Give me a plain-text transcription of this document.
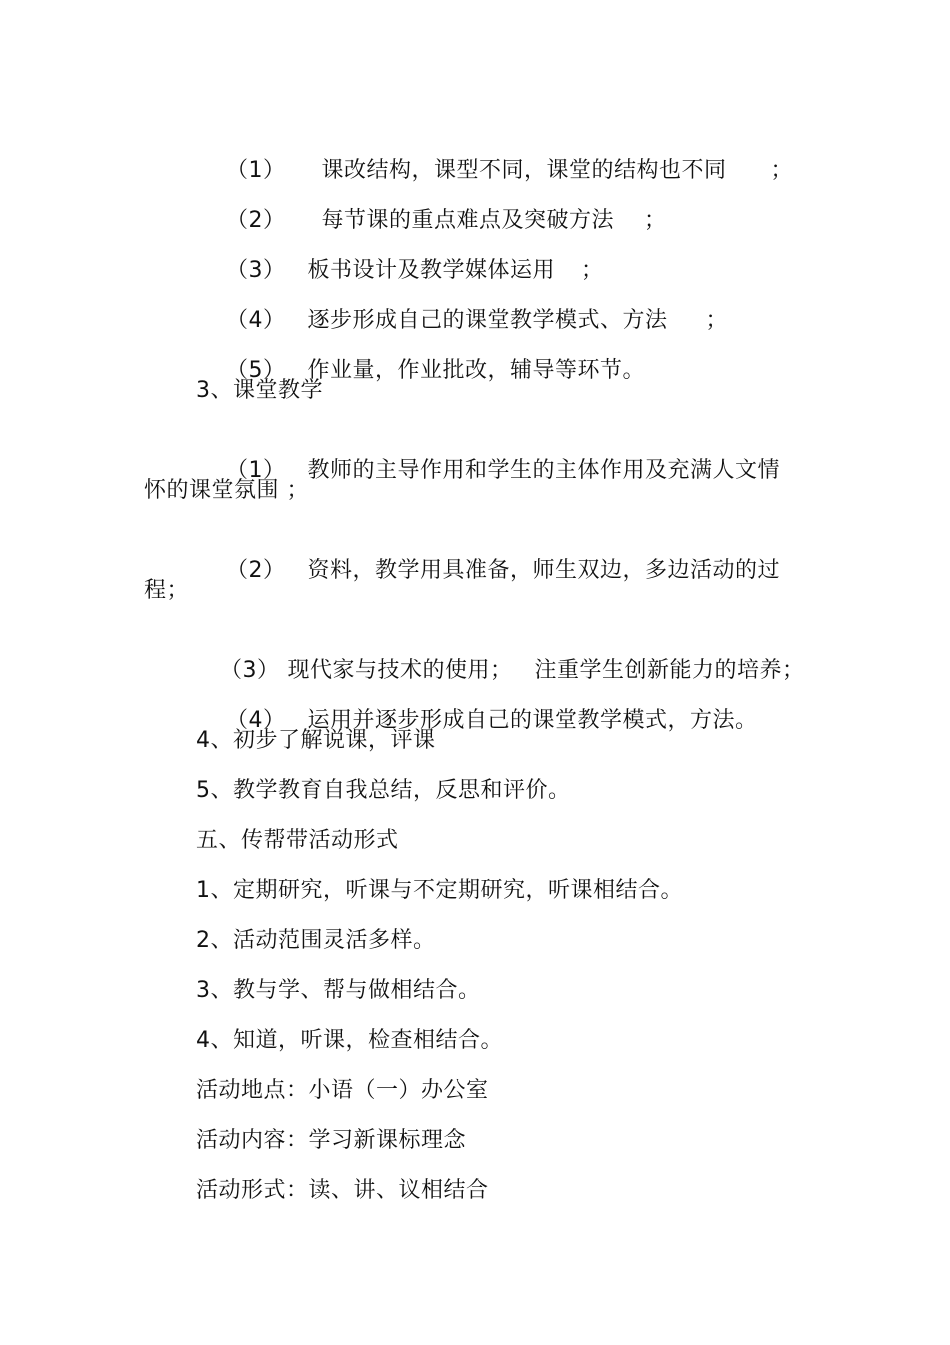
（1） 课改结构，课型不同，课堂的结构也不同 ；

（2） 每节课的重点难点及突破方法 ；

（3） 板书设计及教学媒体运用 ；

（4） 逐步形成自己的课堂教学模式、方法 ；

（5） 作业量，作业批改，辅导等环节。

3、课堂教学

（1） 教师的主导作用和学生的主体作用及充满人文情

怀的课堂氛围 ；

（2） 资料，教学用具准备，师生双边，多边活动的过

程；

（3） 现代家与技术的使用； 注重学生创新能力的培养；

（4） 运用并逐步形成自己的课堂教学模式，方法。

4、初步了解说课，评课
5、教学教育自我总结，反思和评价。
五、传帮带活动形式
1、定期研究，听课与不定期研究，听课相结合。
2、活动范围灵活多样。
3、教与学、帮与做相结合。
4、知道，听课，检查相结合。
活动地点：小语（一）办公室
活动内容：学习新课标理念
活动形式：读、讲、议相结合
